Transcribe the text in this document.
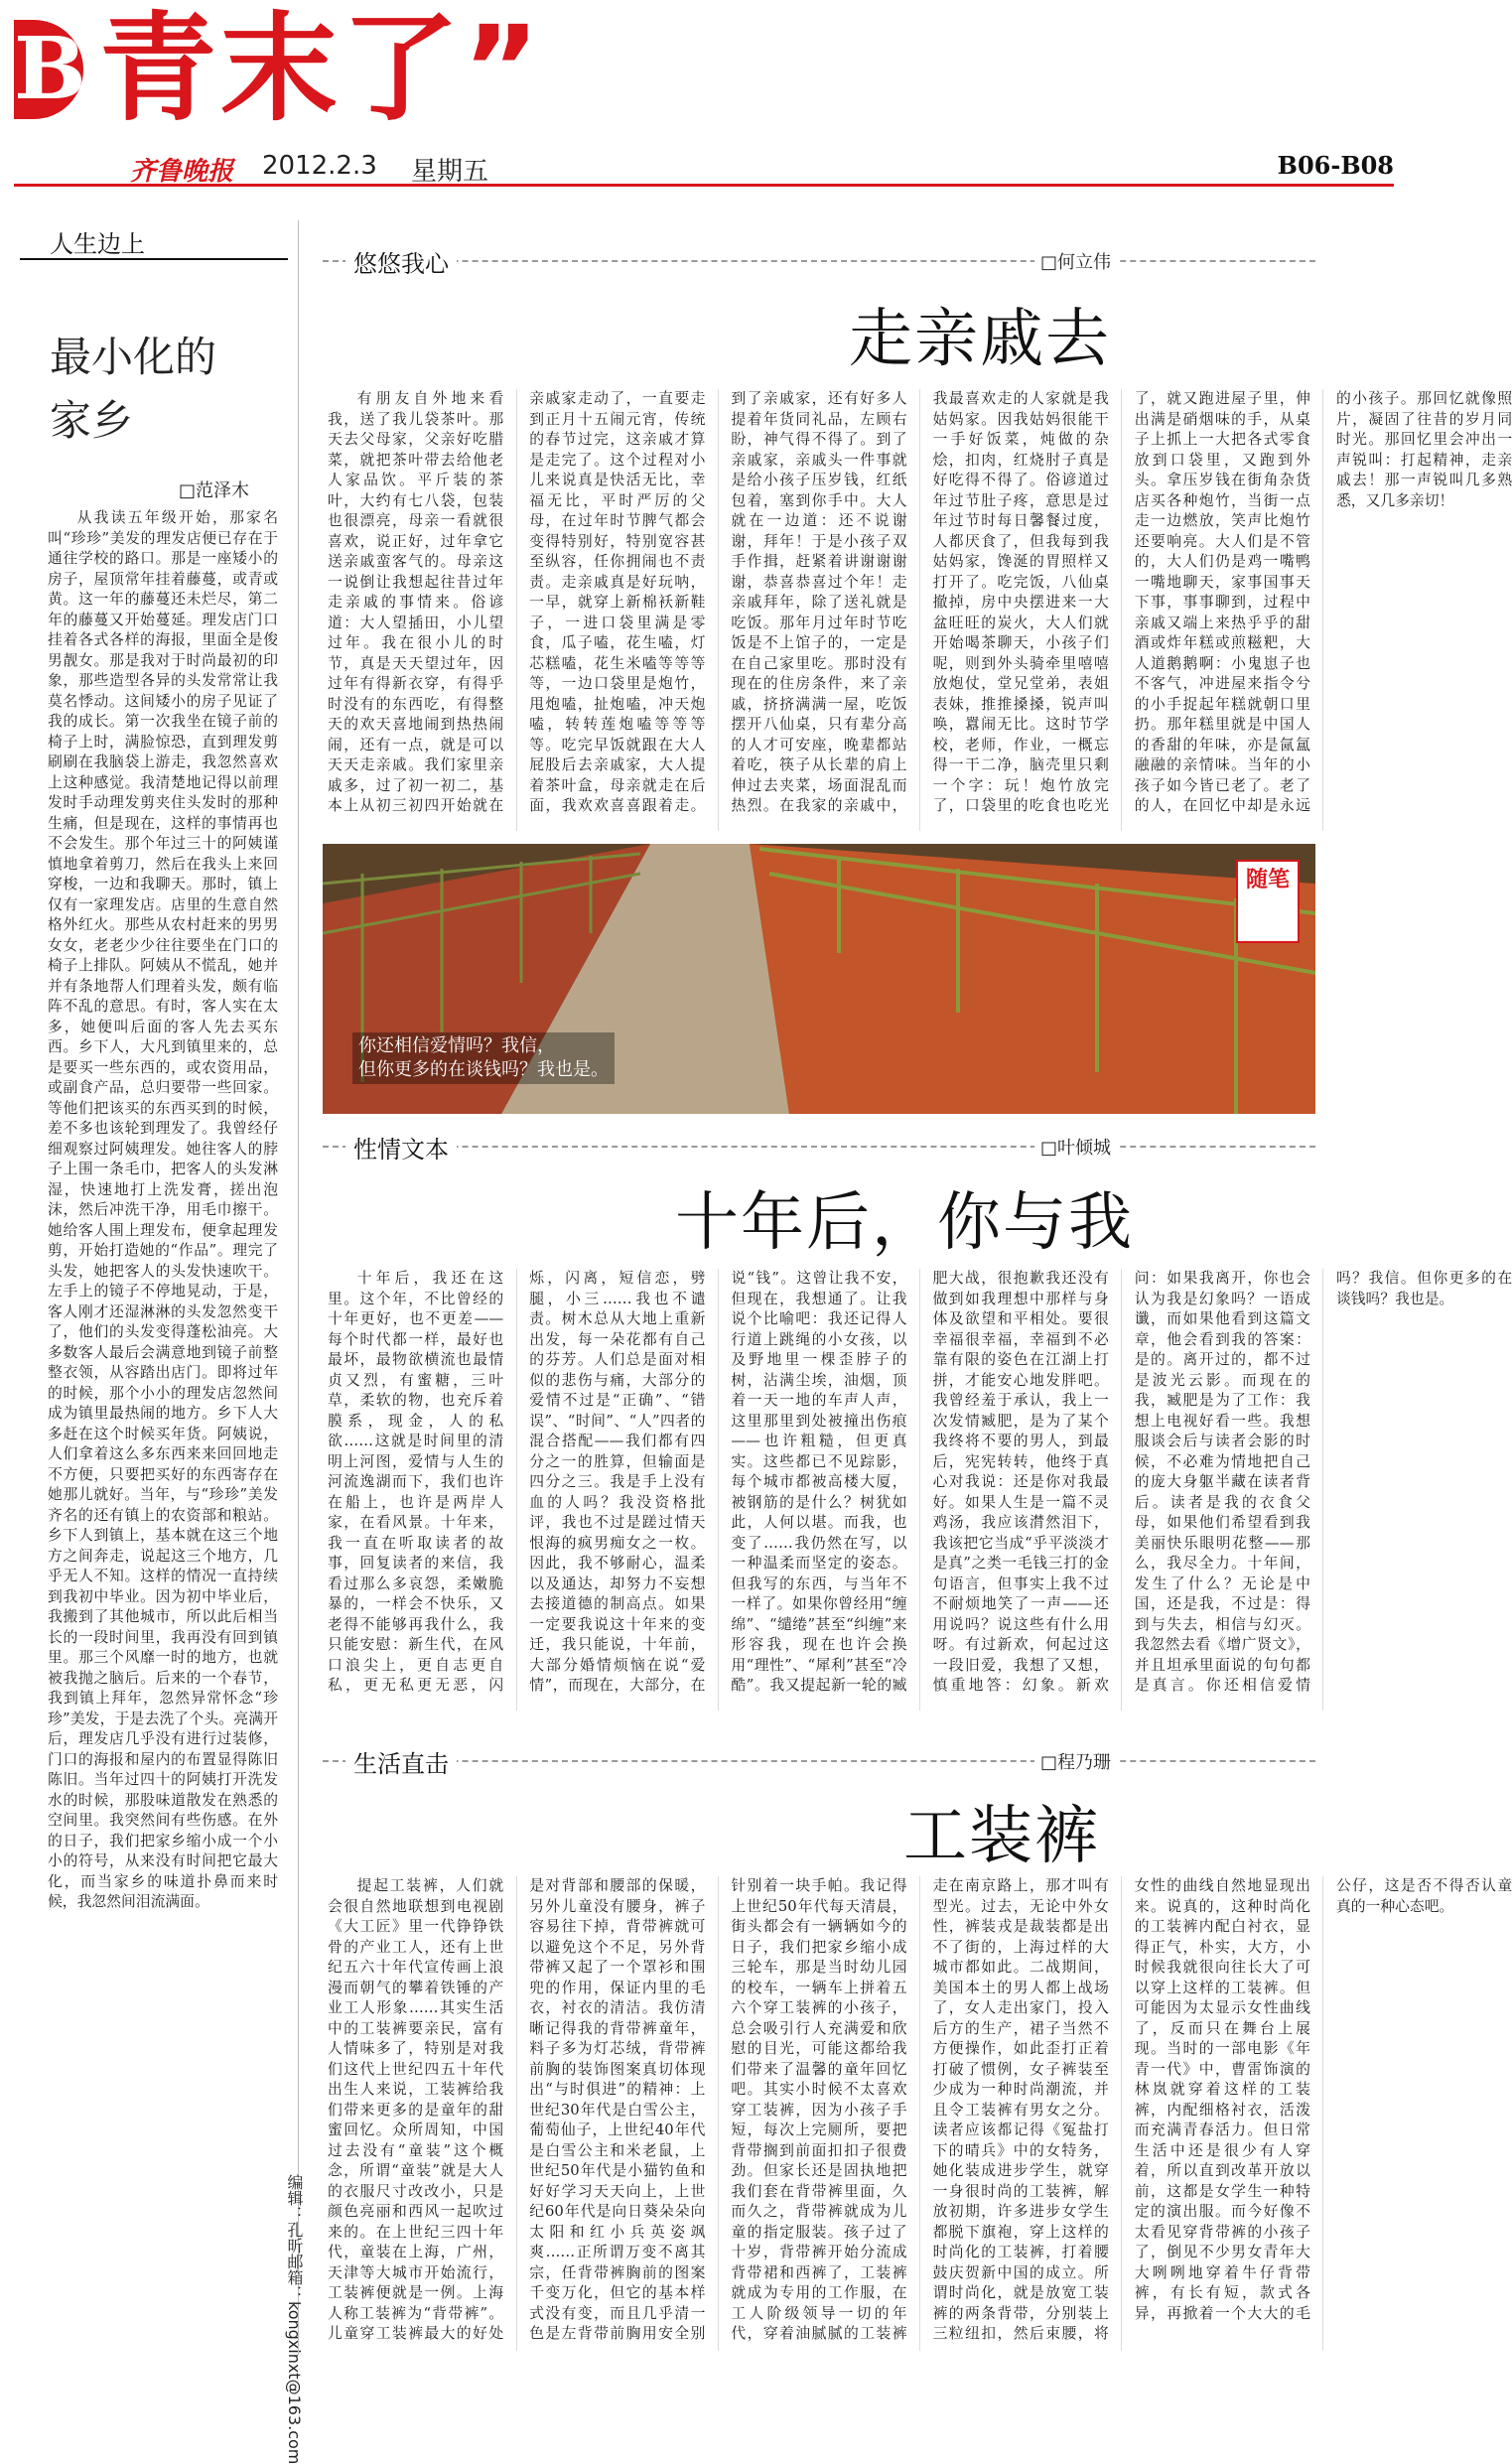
B 青末了”
齐鲁晚报 2012.2.3 星期五	B06-B08
人生边上
最小化的
家乡
□范泽木

从我读五年级开始，那家名叫“珍珍”美发的理发店便已存在于通往学校的路口。那是一座矮小的房子，屋顶常年挂着藤蔓，或青或黄。这一年的藤蔓还未烂尽，第二年的藤蔓又开始蔓延。理发店门口挂着各式各样的海报，里面全是俊男靓女。那是我对于时尚最初的印象，那些造型各异的头发常常让我莫名悸动。这间矮小的房子见证了我的成长。第一次我坐在镜子前的椅子上时，满脸惊恐，直到理发剪刷刷在我脑袋上游走，我忽然喜欢上这种感觉。我清楚地记得以前理发时手动理发剪夹住头发时的那种生痛，但是现在，这样的事情再也不会发生。那个年过三十的阿姨谨慎地拿着剪刀，然后在我头上来回穿梭，一边和我聊天。那时，镇上仅有一家理发店。店里的生意自然格外红火。那些从农村赶来的男男女女，老老少少往往要坐在门口的椅子上排队。阿姨从不慌乱，她并并有条地帮人们理着头发，颇有临阵不乱的意思。有时，客人实在太多，她便叫后面的客人先去买东西。乡下人，大凡到镇里来的，总是要买一些东西的，或农资用品，或副食产品，总归要带一些回家。等他们把该买的东西买到的时候，差不多也该轮到理发了。我曾经仔细观察过阿姨理发。她往客人的脖子上围一条毛巾，把客人的头发淋湿，快速地打上洗发膏，搓出泡沫，然后冲洗干净，用毛巾擦干。她给客人围上理发布，便拿起理发剪，开始打造她的“作品”。理完了头发，她把客人的头发快速吹干。左手上的镜子不停地晃动，于是，客人刚才还湿淋淋的头发忽然变干了，他们的头发变得蓬松油亮。大多数客人最后会满意地到镜子前整整衣领，从容踏出店门。即将过年的时候，那个小小的理发店忽然间成为镇里最热闹的地方。乡下人大多赶在这个时候买年货。阿姨说，人们拿着这么多东西来来回回地走不方便，只要把买好的东西寄存在她那儿就好。当年，与“珍珍”美发齐名的还有镇上的农资部和粮站。乡下人到镇上，基本就在这三个地方之间奔走，说起这三个地方，几乎无人不知。这样的情况一直持续到我初中毕业。因为初中毕业后，我搬到了其他城市，所以此后相当长的一段时间里，我再没有回到镇里。那三个风靡一时的地方，也就被我抛之脑后。后来的一个春节，我到镇上拜年，忽然异常怀念“珍珍”美发，于是去洗了个头。亮满开后，理发店几乎没有进行过装修，门口的海报和屋内的布置显得陈旧陈旧。当年过四十的阿姨打开洗发水的时候，那股味道散发在熟悉的空间里。我突然间有些伤感。在外的日子，我们把家乡缩小成一个小小的符号，从来没有时间把它最大化，而当家乡的味道扑鼻而来时候，我忽然间泪流满面。

编辑：孔昕
邮箱：kongxinxt@163.com
悠悠我心	□何立伟
走亲戚去

有朋友自外地来看我，送了我儿袋茶叶。那天去父母家，父亲好吃腊菜，就把茶叶带去给他老人家品饮。平斤装的茶叶，大约有七八袋，包装也很漂亮，母亲一看就很喜欢，说正好，过年拿它送亲戚蛮客气的。母亲这一说倒让我想起往昔过年走亲戚的事情来。俗谚道：大人望插田，小儿望过年。我在很小儿的时节，真是天天望过年，因过年有得新衣穿，有得乎时没有的东西吃，有得整天的欢天喜地闹到热热闹闹，还有一点，就是可以天天走亲戚。我们家里亲戚多，过了初一初二，基本上从初三初四开始就在亲戚家走动了，一直要走到正月十五闹元宵，传统的春节过完，这亲戚才算是走完了。这个过程对小儿来说真是快活无比，幸福无比，平时严厉的父母，在过年时节脾气都会变得特别好，特别宽容甚至纵容，任你拥闹也不责责。走亲戚真是好玩呐，一早，就穿上新棉袄新鞋子，一进口袋里满是零食，瓜子嗑，花生嗑，灯芯糕嗑，花生米嗑等等等等，一边口袋里是炮竹，甩炮嗑，扯炮嗑，冲天炮嗑，转转莲炮嗑等等等等。吃完早饭就跟在大人屁股后去亲戚家，大人提着茶叶盒，母亲就走在后面，我欢欢喜喜跟着走。到了亲戚家，还有好多人提着年货同礼品，左顾右盼，神气得不得了。到了亲戚家，亲戚头一件事就是给小孩子压岁钱，红纸包着，塞到你手中。大人就在一边道：还不说谢谢，拜年！于是小孩子双手作揖，赶紧着讲谢谢谢谢，恭喜恭喜过个年！走亲戚拜年，除了送礼就是吃饭。那年月过年时节吃饭是不上馆子的，一定是在自己家里吃。那时没有现在的住房条件，来了亲戚，挤挤满满一屋，吃饭摆开八仙桌，只有辈分高的人才可安座，晚辈都站着吃，筷子从长辈的肩上伸过去夹菜，场面混乱而热烈。在我家的亲戚中，我最喜欢走的人家就是我姑妈家。因我姑妈很能干一手好饭菜，炖做的杂烩，扣肉，红烧肘子真是好吃得不得了。俗谚道过年过节肚子疼，意思是过年过节时每日馨餐过度，人都厌食了，但我每到我姑妈家，馋涎的胃照样又打开了。吃完饭，八仙桌撤掉，房中央摆进来一大盆旺旺的炭火，大人们就开始喝茶聊天，小孩子们呢，则到外头骑牵里嘻嘻放炮仗，堂兄堂弟，表姐表妹，推推搡搡，锐声叫唤，囂闹无比。这时节学校，老师，作业，一概忘得一干二净，脑壳里只剩一个字：玩！炮竹放完了，口袋里的吃食也吃光了，就又跑进屋子里，伸出满是硝烟味的手，从桌子上抓上一大把各式零食放到口袋里，又跑到外头。拿压岁钱在街角杂货店买各种炮竹，当街一点走一边燃放，笑声比炮竹还要响亮。大人们是不管的，大人们仍是鸡一嘴鸭一嘴地聊天，家事国事天下事，事事聊到，过程中亲戚又端上来热乎乎的甜酒或炸年糕或煎糍粑，大人道鹅鹅啊：小鬼崽子也不客气，冲进屋来指令兮的小手捉起年糕就朝口里扔。那年糕里就是中国人的香甜的年味，亦是氤氲融融的亲情味。当年的小孩子如今皆已老了。老了的人，在回忆中却是永远的小孩子。那回忆就像照片，凝固了往昔的岁月同时光。那回忆里会冲出一声锐叫：打起精神，走亲戚去！那一声锐叫几多熟悉，又几多亲切！

你还相信爱情吗？我信，
但你更多的在谈钱吗？我也是。
随笔
性情文本	□叶倾城
十年后，你与我

十年后，我还在这里。这个年，不比曾经的十年更好，也不更差——每个时代都一样，最好也最坏，最物欲横流也最情贞又烈，有蜜糖，三叶草，柔软的物，也充斥着膜系，现金，人的私欲……这就是时间里的清明上河图，爱情与人生的河流逸湖而下，我们也许在船上，也许是两岸人家，在看风景。十年来，我一直在听取读者的故事，回复读者的来信，我看过那么多哀怨，柔嫩脆暴的，一样会不快乐，又老得不能够再我什么，我只能安慰：新生代，在风口浪尖上，更自志更自私，更无私更无恶，闪烁，闪离，短信恋，劈腿，小三……我也不谴责。树木总从大地上重新出发，每一朵花都有自己的芬芳。人们总是面对相似的悲伤与痛，大部分的爱情不过是“正确”、“错误”、“时间”、“人”四者的混合搭配——我们都有四分之一的胜算，但输面是四分之三。我是手上没有血的人吗？我没资格批评，我也不过是蹉过情天恨海的疯男痴女之一枚。因此，我不够耐心，温柔以及通达，却努力不妄想去接道德的制高点。如果一定要我说这十年来的变迁，我只能说，十年前，大部分婚情烦恼在说“爱情”，而现在，大部分，在说“钱”。这曾让我不安，但现在，我想通了。让我说个比喻吧：我还记得人行道上跳绳的小女孩，以及野地里一棵歪脖子的树，沾满尘埃，油烟，顶着一天一地的车声人声，这里那里到处被撞出伤痕——也许粗糙，但更真实。这些都已不见踪影，每个城市都被高楼大厦，被钢筋的是什么？树犹如此，人何以堪。而我，也变了……我仍然在写，以一种温柔而坚定的姿态。但我写的东西，与当年不一样了。如果你曾经用“缠绵”、“缱绻”甚至“纠缠”来形容我，现在也许会换用“理性”、“犀利”甚至“冷酷”。我又提起新一轮的臧肥大战，很抱歉我还没有做到如我理想中那样与身体及欲望和平相处。要很幸福很幸福，幸福到不必靠有限的姿色在江湖上打拼，才能安心地发胖吧。我曾经羞于承认，我上一次发情臧肥，是为了某个我终将不要的男人，到最后，宪宪转转，他终于真心对我说：还是你对我最好。如果人生是一篇不灵鸡汤，我应该潸然泪下，我该把它当成“乎平淡淡才是真”之类一毛钱三打的金句语言，但事实上我不过不耐烦地笑了一声——还用说吗？说这些有什么用呀。有过新欢，何起过这一段旧爱，我想了又想，慎重地答：幻象。新欢问：如果我离开，你也会认为我是幻象吗？一语成谶，而如果他看到这篇文章，他会看到我的答案：是的。离开过的，都不过是波光云影。而现在的我，臧肥是为了工作：我想上电视好看一些。我想服谈会后与读者会影的时候，不必难为情地把自己的庞大身躯半藏在读者背后。读者是我的衣食父母，如果他们希望看到我美丽快乐眼明花整——那么，我尽全力。十年间，发生了什么？无论是中国，还是我，不过是：得到与失去，相信与幻灭。我忽然去看《增广贤文》，并且坦承里面说的句句都是真言。你还相信爱情吗？我信。但你更多的在谈钱吗？我也是。

生活直击	□程乃珊
工装裤

提起工装裤，人们就会很自然地联想到电视剧《大工匠》里一代铮铮铁骨的产业工人，还有上世纪五六十年代宣传画上浪漫而朝气的攀着铁锤的产业工人形象……其实生活中的工装裤要亲民，富有人情味多了，特别是对我们这代上世纪四五十年代出生人来说，工装裤给我们带来更多的是童年的甜蜜回忆。众所周知，中国过去没有“童装”这个概念，所谓“童装”就是大人的衣服尺寸改改小，只是颜色亮丽和西风一起吹过来的。在上世纪三四十年代，童装在上海，广州，天津等大城市开始流行，工装裤便就是一例。上海人称工装裤为“背带裤”。儿童穿工装裤最大的好处是对背部和腰部的保暖，另外儿童没有腰身，裤子容易往下掉，背带裤就可以避免这个不足，另外背带裤又起了一个罩衫和围兜的作用，保证内里的毛衣，衬衣的清洁。我仿清晰记得我的背带裤童年，料子多为灯芯绒，背带裤前胸的装饰图案真切体现出“与时俱进”的精神：上世纪30年代是白雪公主，葡萄仙子，上世纪40年代是白雪公主和米老鼠，上世纪50年代是小猫钓鱼和好好学习天天向上，上世纪60年代是向日葵朵朵向太阳和红小兵英姿飒爽……正所谓万变不离其宗，任背带裤胸前的图案千变万化，但它的基本样式没有变，而且几乎清一色是左背带前胸用安全别针别着一块手帕。我记得上世纪50年代每天清晨，街头都会有一辆辆如今的日子，我们把家乡缩小成三轮车，那是当时幼儿园的校车，一辆车上拼着五六个穿工装裤的小孩子，总会吸引行人充满爱和欣慰的目光，可能这都给我们带来了温馨的童年回忆吧。其实小时候不太喜欢穿工装裤，因为小孩子手短，每次上完厕所，要把背带搁到前面扣扣子很费劲。但家长还是固执地把我们套在背带裤里面，久而久之，背带裤就成为儿童的指定服装。孩子过了十岁，背带裤开始分流成背带裙和西裤了，工装裤就成为专用的工作服，在工人阶级领导一切的年代，穿着油腻腻的工装裤走在南京路上，那才叫有型光。过去，无论中外女性，裤装戎是裁装都是出不了街的，上海过样的大城市都如此。二战期间，美国本土的男人都上战场了，女人走出家门，投入后方的生产，裙子当然不方便操作，如此歪打正着打破了惯例，女子裤装至少成为一种时尚潮流，并且令工装裤有男女之分。读者应该都记得《冤盐打下的晴兵》中的女特务，她化装成进步学生，就穿一身很时尚的工装裤，解放初期，许多进步女学生都脱下旗袍，穿上这样的时尚化的工装裤，打着腰鼓庆贺新中国的成立。所谓时尚化，就是放宽工装裤的两条背带，分别装上三粒纽扣，然后束腰，将女性的曲线自然地显现出来。说真的，这种时尚化的工装裤内配白衬衣，显得正气，朴实，大方，小时候我就很向往长大了可以穿上这样的工装裤。但可能因为太显示女性曲线了，反而只在舞台上展现。当时的一部电影《年青一代》中，曹雷饰演的林岚就穿着这样的工装裤，内配细格衬衣，活泼而充满青春活力。但日常生活中还是很少有人穿着，所以直到改革开放以前，这都是女学生一种特定的演出服。而今好像不太看见穿背带裤的小孩子了，倒见不少男女青年大大咧咧地穿着牛仔背带裤，有长有短，款式各异，再掀着一个大大的毛公仔，这是否不得否认童真的一种心态吧。
